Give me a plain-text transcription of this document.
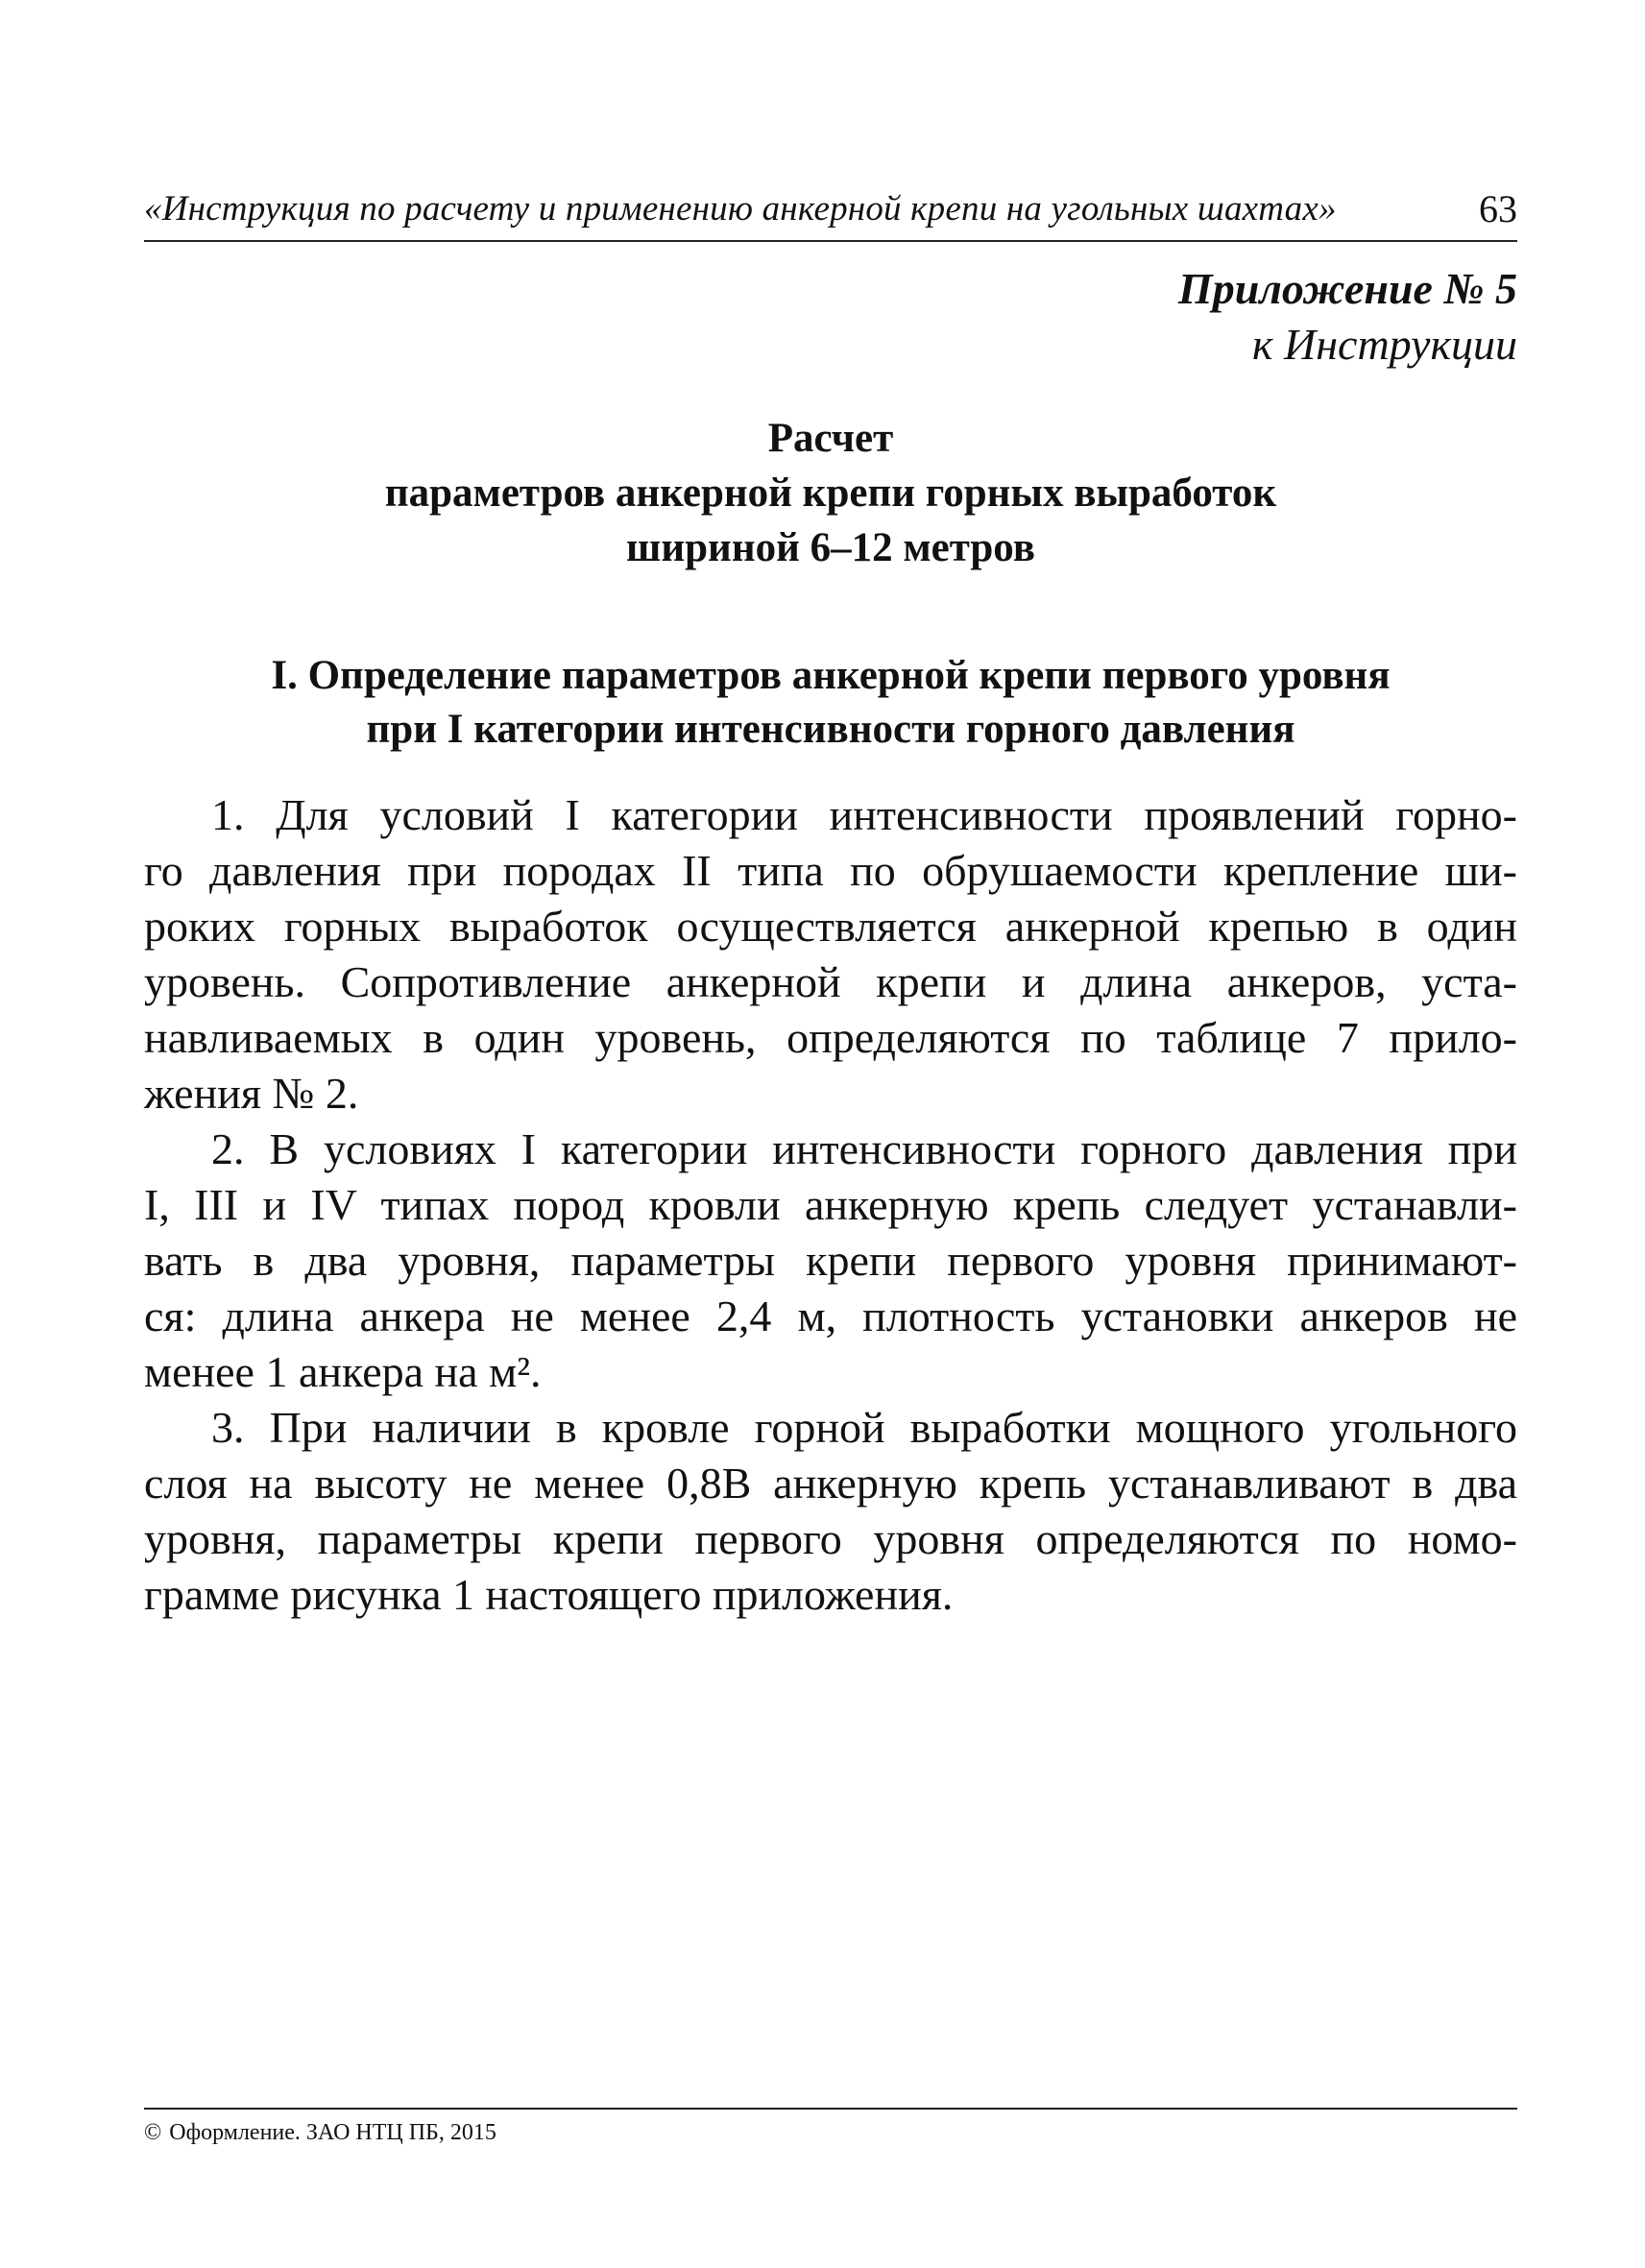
«Инструкция по расчету и применению анкерной крепи на угольных шахтах»	63
Приложение № 5
к Инструкции
Расчет
параметров анкерной крепи горных выработок
шириной 6–12 метров
I. Определение параметров анкерной крепи первого уровня
при I категории интенсивности горного давления

1. Для условий I категории интенсивности проявлений горно-
го давления при породах II типа по обрушаемости крепление ши-
роких горных выработок осуществляется анкерной крепью в один
уровень. Сопротивление анкерной крепи и длина анкеров, уста-
навливаемых в один уровень, определяются по таблице 7 прило-
жения № 2.

2. В условиях I категории интенсивности горного давления при
I, III и IV типах пород кровли анкерную крепь следует устанавли-
вать в два уровня, параметры крепи первого уровня принимают-
ся: длина анкера не менее 2,4 м, плотность установки анкеров не
менее 1 анкера на м².

3. При наличии в кровле горной выработки мощного угольного
слоя на высоту не менее 0,8В анкерную крепь устанавливают в два
уровня, параметры крепи первого уровня определяются по номо-
грамме рисунка 1 настоящего приложения.

© Оформление. ЗАО НТЦ ПБ, 2015
